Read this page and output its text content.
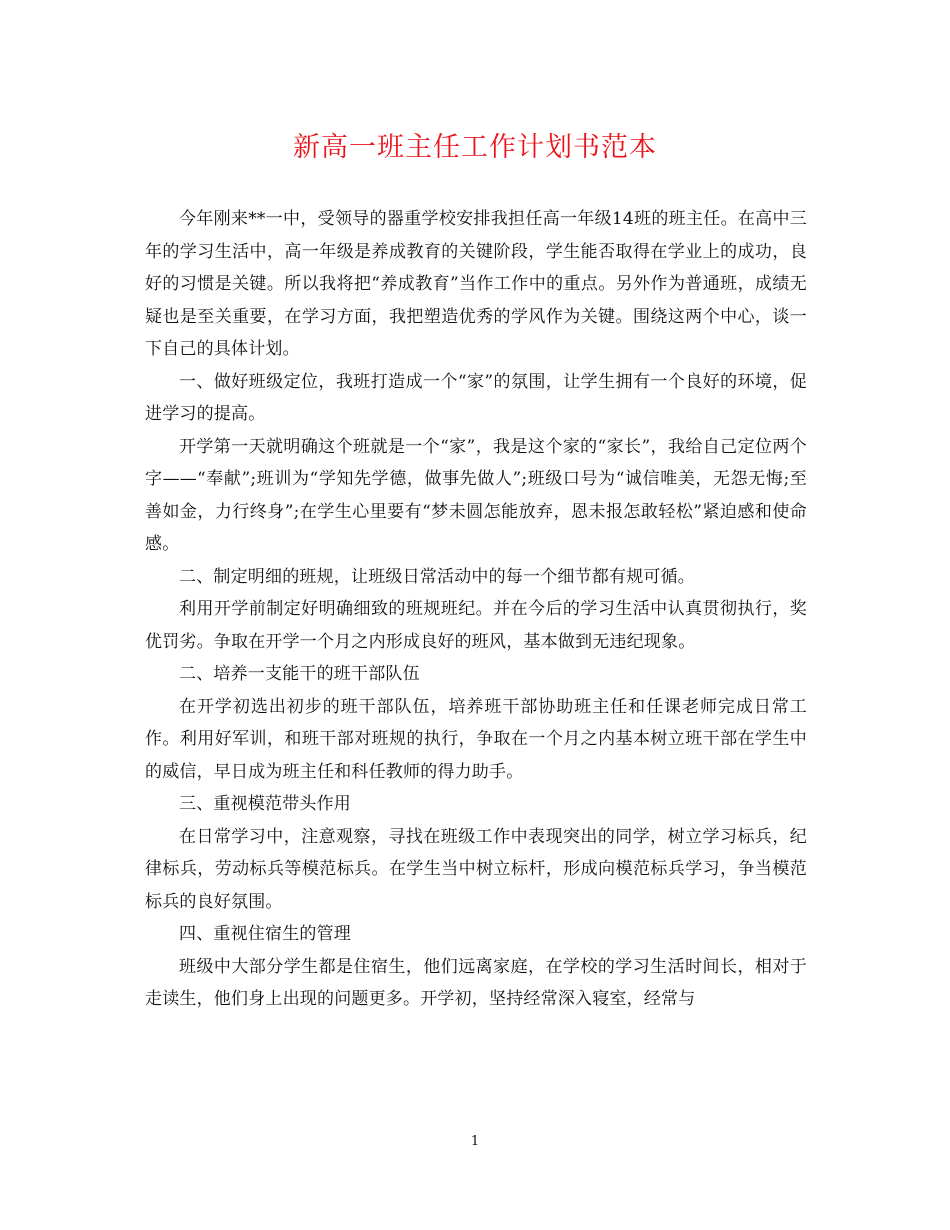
新高一班主任工作计划书范本

今年刚来**一中，受领导的器重学校安排我担任高一年级14班的班主任。在高中三年的学习生活中，高一年级是养成教育的关键阶段，学生能否取得在学业上的成功，良好的习惯是关键。所以我将把“养成教育”当作工作中的重点。另外作为普通班，成绩无疑也是至关重要，在学习方面，我把塑造优秀的学风作为关键。围绕这两个中心，谈一下自己的具体计划。

一、做好班级定位，我班打造成一个“家”的氛围，让学生拥有一个良好的环境，促进学习的提高。

开学第一天就明确这个班就是一个“家”，我是这个家的“家长”，我给自己定位两个字——“奉献”;班训为“学知先学德，做事先做人”;班级口号为“诚信唯美，无怨无悔;至善如金，力行终身”;在学生心里要有“梦未圆怎能放弃，恩未报怎敢轻松”紧迫感和使命感。

二、制定明细的班规，让班级日常活动中的每一个细节都有规可循。

利用开学前制定好明确细致的班规班纪。并在今后的学习生活中认真贯彻执行，奖优罚劣。争取在开学一个月之内形成良好的班风，基本做到无违纪现象。

二、培养一支能干的班干部队伍

在开学初选出初步的班干部队伍，培养班干部协助班主任和任课老师完成日常工作。利用好军训，和班干部对班规的执行，争取在一个月之内基本树立班干部在学生中的威信，早日成为班主任和科任教师的得力助手。

三、重视模范带头作用

在日常学习中，注意观察，寻找在班级工作中表现突出的同学，树立学习标兵，纪律标兵，劳动标兵等模范标兵。在学生当中树立标杆，形成向模范标兵学习，争当模范标兵的良好氛围。

四、重视住宿生的管理

班级中大部分学生都是住宿生，他们远离家庭，在学校的学习生活时间长，相对于走读生，他们身上出现的问题更多。开学初，坚持经常深入寝室，经常与

1
